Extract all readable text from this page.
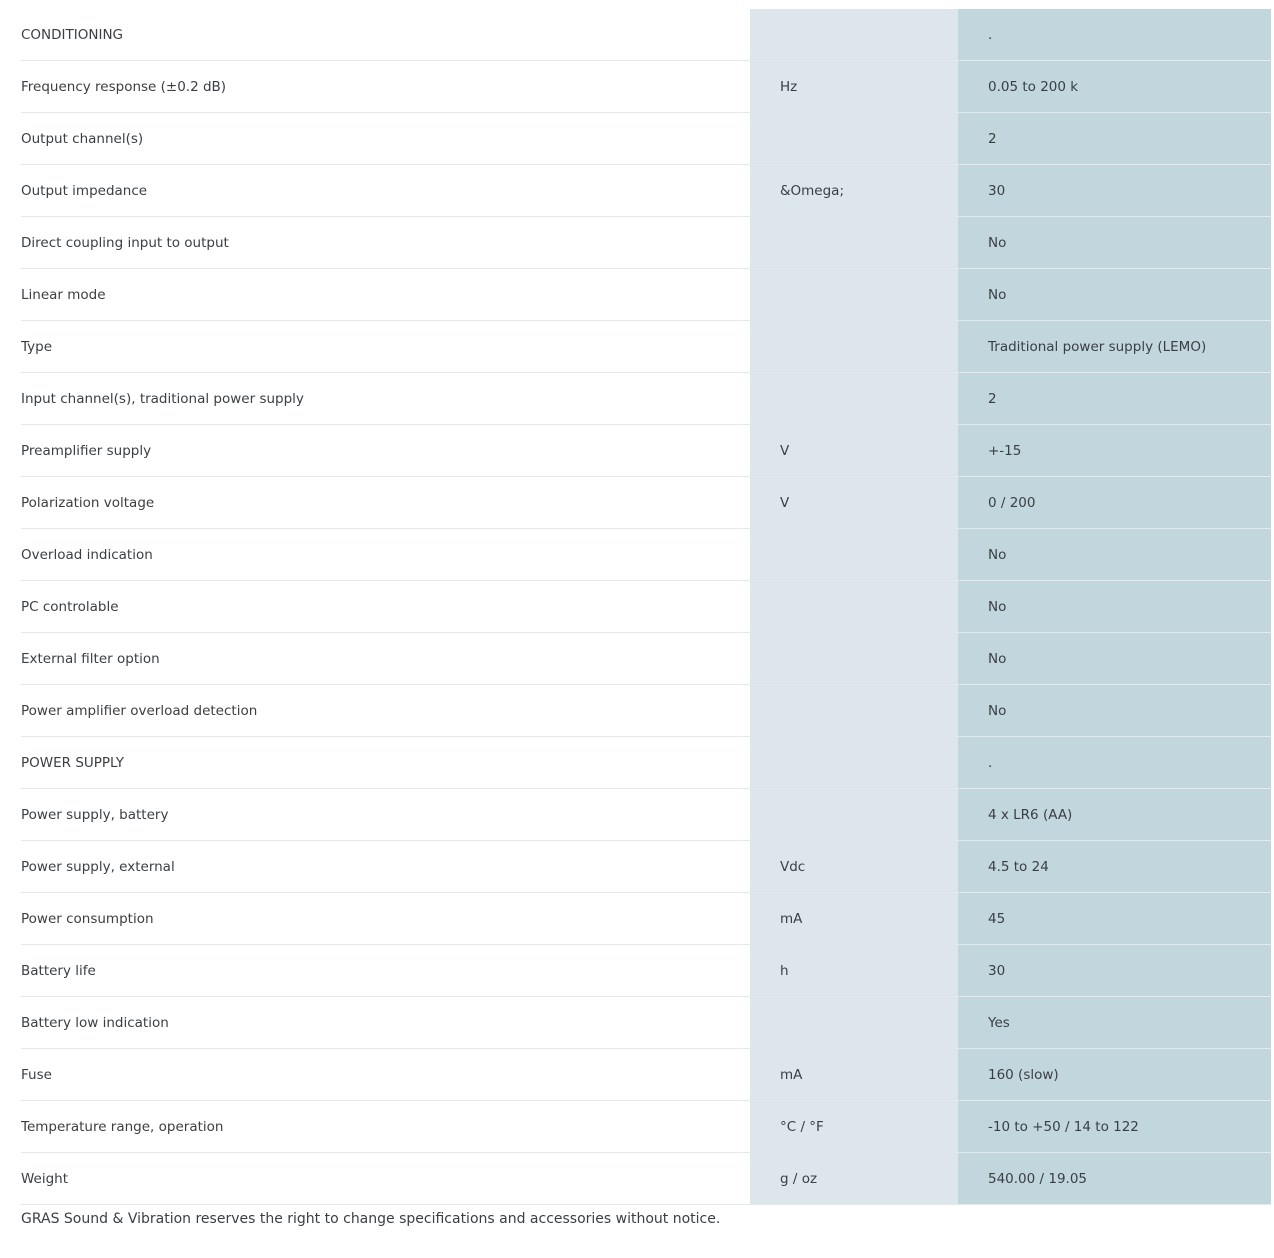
CONDITIONING		.
Frequency response (±0.2 dB)	Hz	0.05 to 200 k
Output channel(s)		2
Output impedance	&Omega;	30
Direct coupling input to output		No
Linear mode		No
Type		Traditional power supply (LEMO)
Input channel(s), traditional power supply		2
Preamplifier supply	V	+-15
Polarization voltage	V	0 / 200
Overload indication		No
PC controlable		No
External filter option		No
Power amplifier overload detection		No
POWER SUPPLY		.
Power supply, battery		4 x LR6 (AA)
Power supply, external	Vdc	4.5 to 24
Power consumption	mA	45
Battery life	h	30
Battery low indication		Yes
Fuse	mA	160 (slow)
Temperature range, operation	°C / °F	-10 to +50 / 14 to 122
Weight	g / oz	540.00 / 19.05
GRAS Sound & Vibration reserves the right to change specifications and accessories without notice.
